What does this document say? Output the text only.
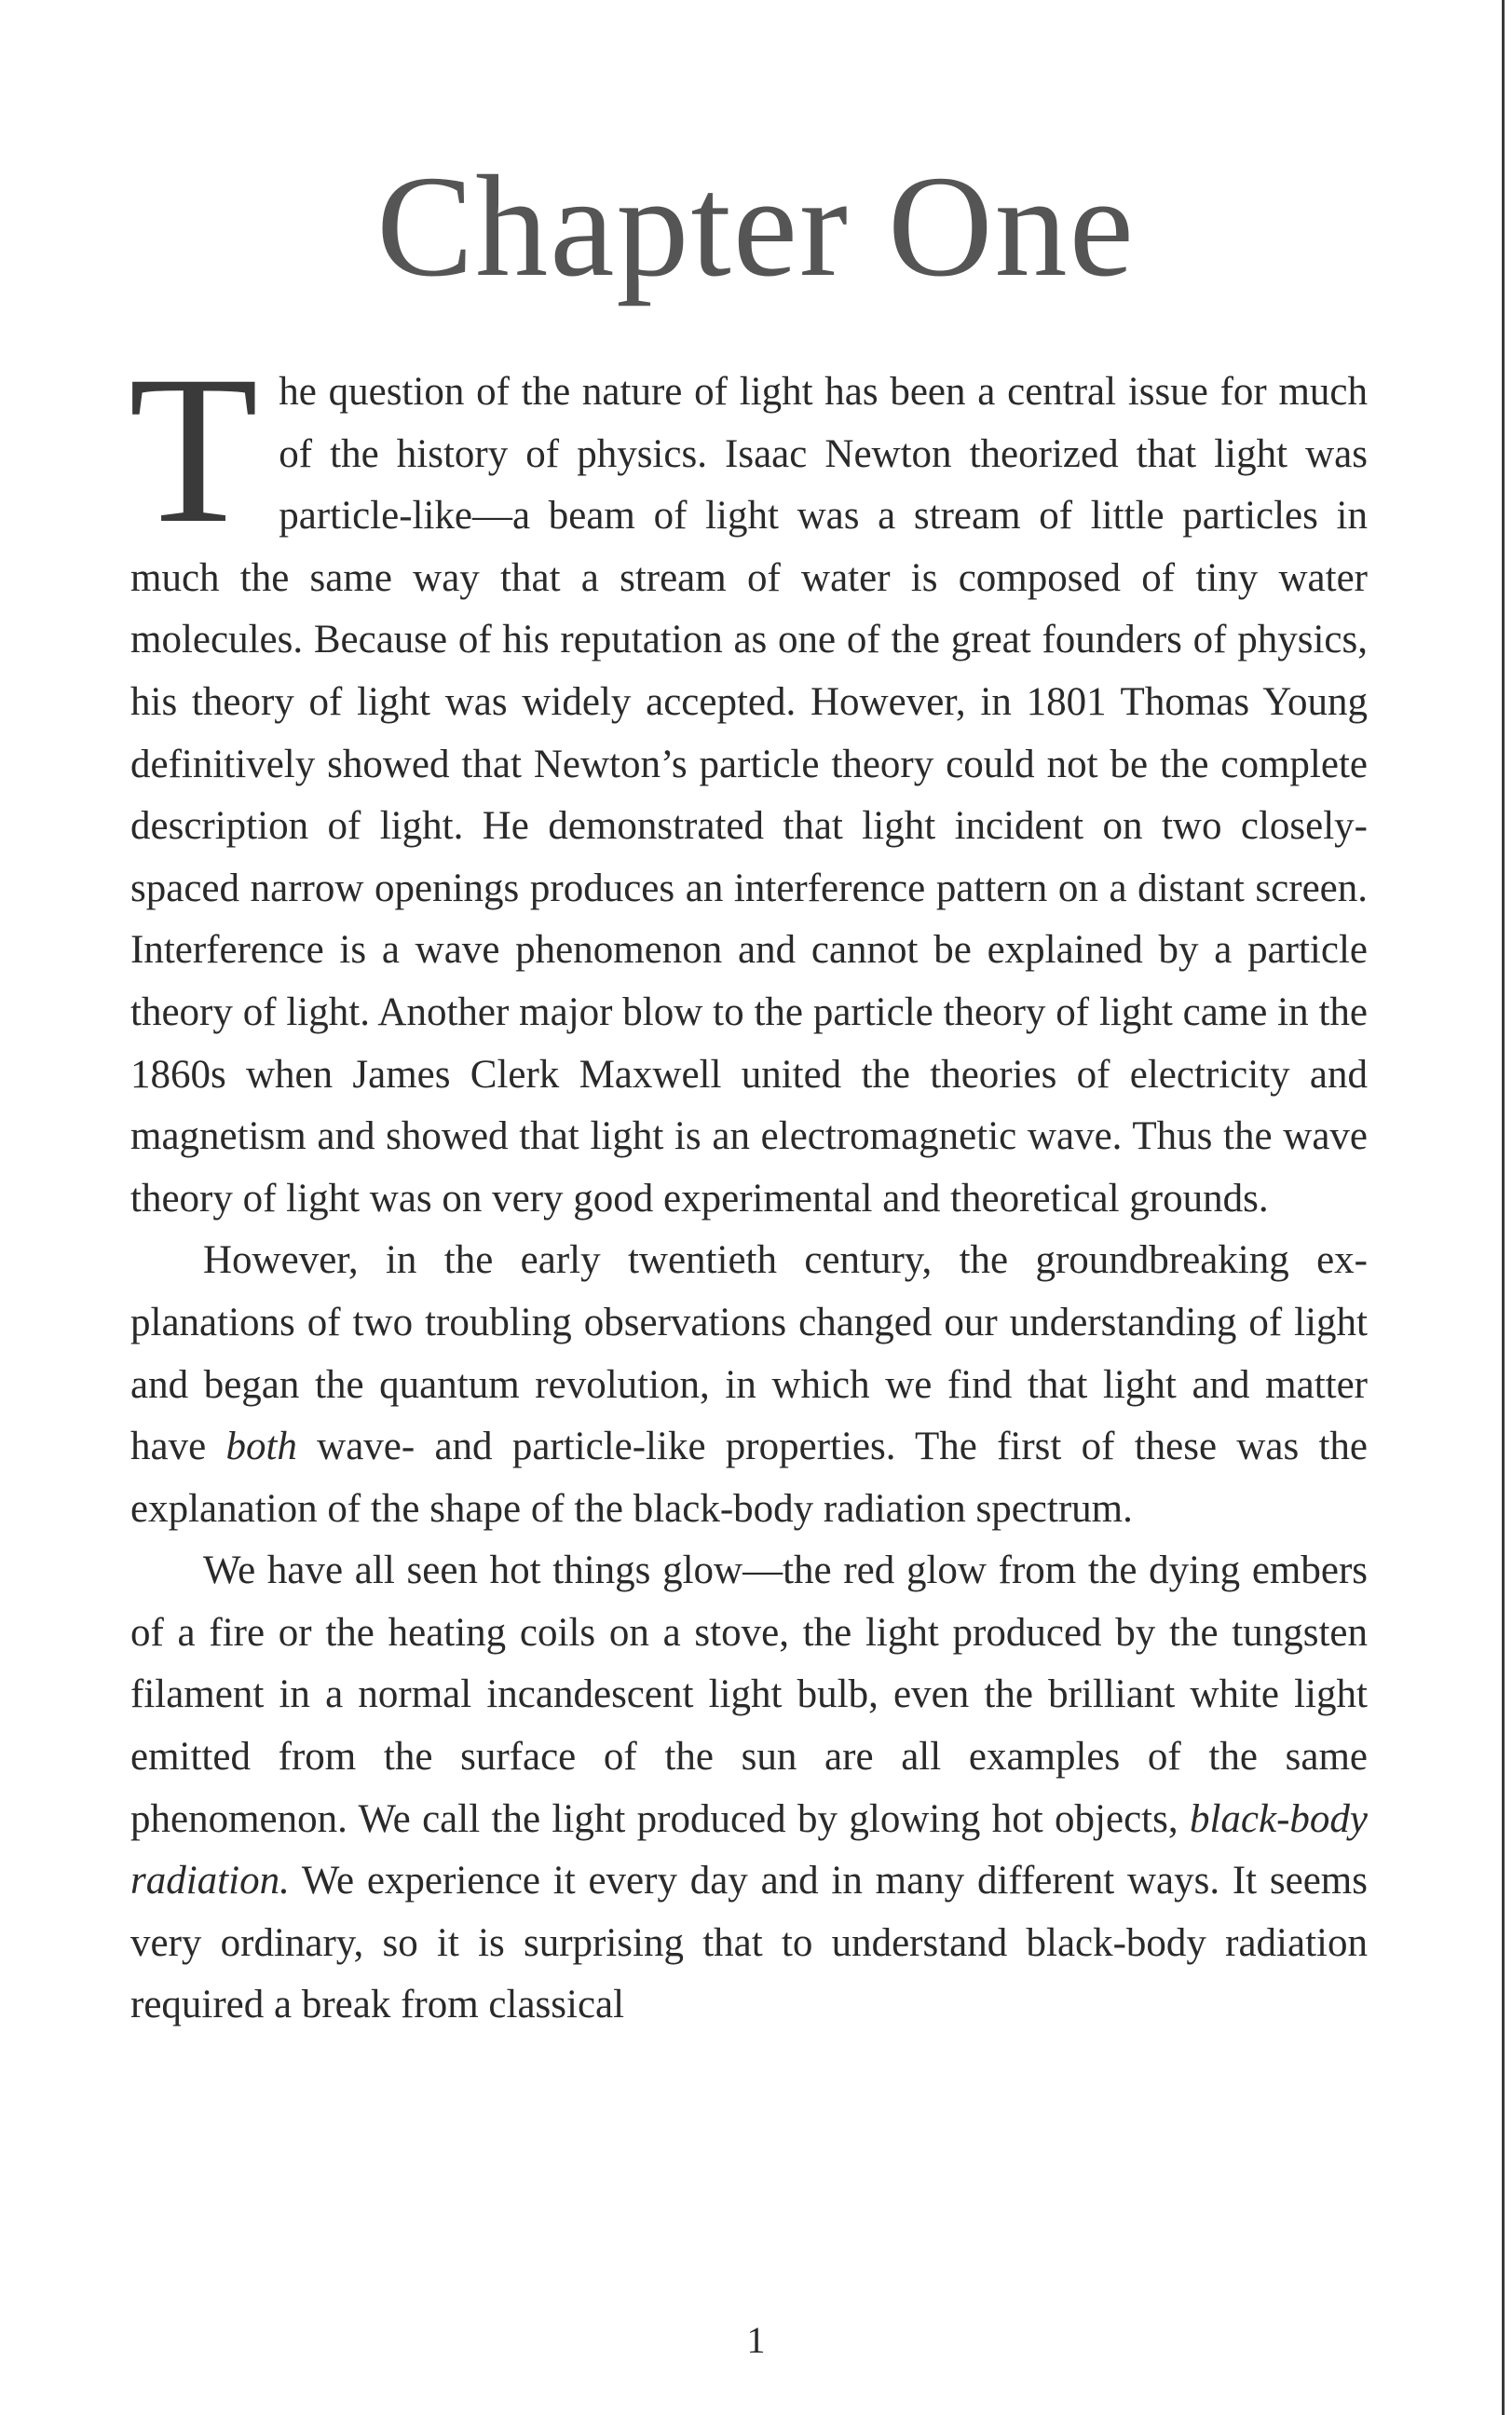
Chapter One

The question of the nature of light has been a central issue for much of the history of physics. Isaac Newton theorized that light was particle-like—a beam of light was a stream of little particles in much the same way that a stream of water is composed of tiny water molecules. Because of his reputation as one of the great founders of physics, his theory of light was widely accepted. However, in 1801 Thomas Young definitively showed that Newton’s particle theory could not be the complete description of light. He demonstrated that light incident on two closely-spaced narrow openings produces an interference pattern on a distant screen. Interference is a wave phenomenon and cannot be explained by a particle theory of light. Another major blow to the particle theory of light came in the 1860s when James Clerk Maxwell united the theories of electricity and magnetism and showed that light is an electromagnetic wave. Thus the wave theory of light was on very good experimental and theoretical grounds.

However, in the early twentieth century, the groundbreaking explanations of two troubling observations changed our understanding of light and began the quantum revolution, in which we find that light and matter have both wave- and particle-like properties. The first of these was the explanation of the shape of the black-body radiation spectrum.

We have all seen hot things glow—the red glow from the dying embers of a fire or the heating coils on a stove, the light produced by the tungsten filament in a normal incandescent light bulb, even the brilliant white light emitted from the surface of the sun are all examples of the same phenomenon. We call the light produced by glowing hot objects, black-body radiation. We experience it every day and in many different ways. It seems very ordinary, so it is surprising that to understand black-body radiation required a break from classical

1
